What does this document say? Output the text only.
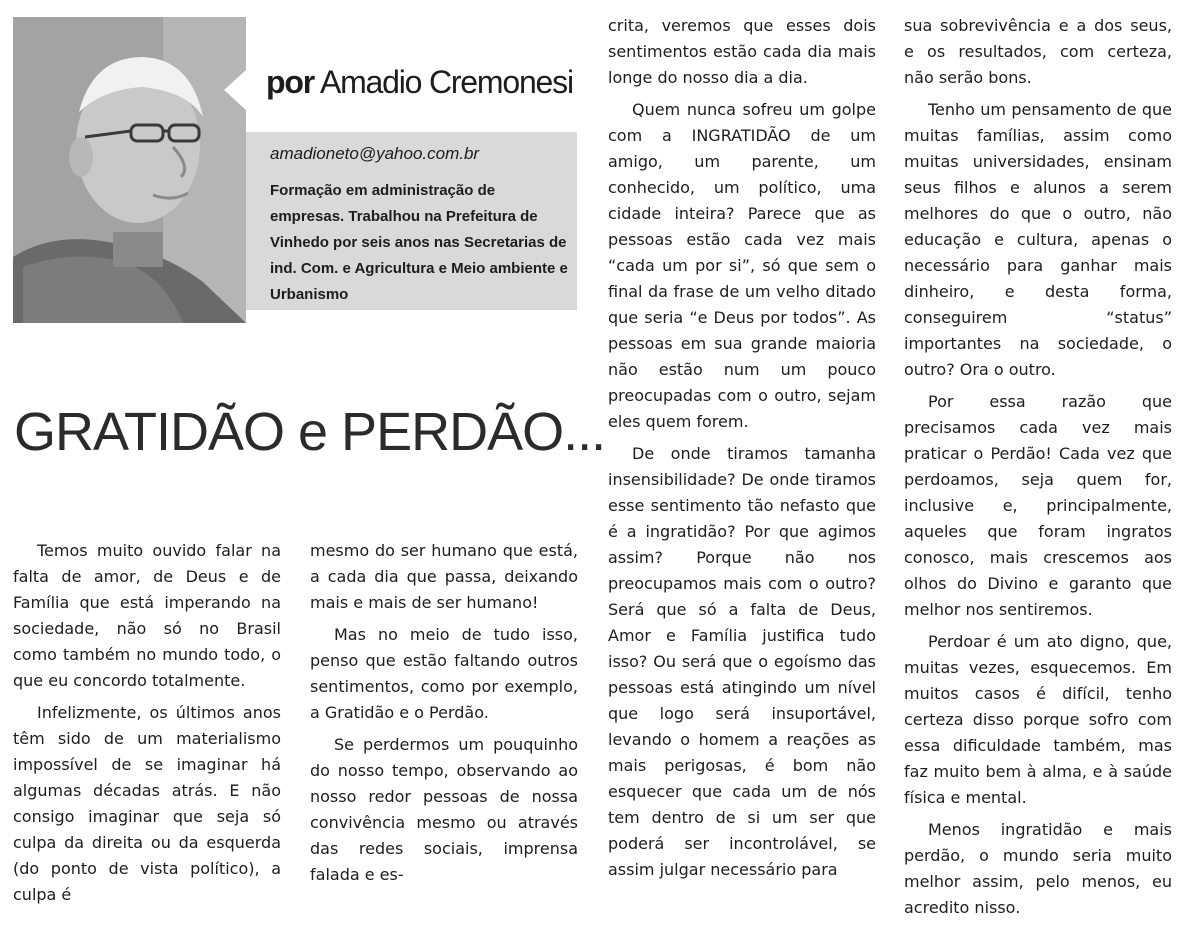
por Amadio Cremonesi
amadioneto@yahoo.com.br

Formação em administração de empresas. Trabalhou na Prefeitura de Vinhedo por seis anos nas Secretarias de ind. Com. e Agricultura e Meio ambiente e Urbanismo

GRATIDÃO e PERDÃO...

Temos muito ouvido falar na falta de amor, de Deus e de Família que está imperando na sociedade, não só no Brasil como também no mundo todo, o que eu concordo totalmente.

Infelizmente, os últimos anos têm sido de um materialismo impossível de se imaginar há algumas décadas atrás. E não consigo imaginar que seja só culpa da direita ou da esquerda (do ponto de vista político), a culpa é

mesmo do ser humano que está, a cada dia que passa, deixando mais e mais de ser humano!

Mas no meio de tudo isso, penso que estão faltando outros sentimentos, como por exemplo, a Gratidão e o Perdão.

Se perdermos um pouquinho do nosso tempo, observando ao nosso redor pessoas de nossa convivência mesmo ou através das redes sociais, imprensa falada e es-

crita, veremos que esses dois sentimentos estão cada dia mais longe do nosso dia a dia.

Quem nunca sofreu um golpe com a INGRATIDÃO de um amigo, um parente, um conhecido, um político, uma cidade inteira? Parece que as pessoas estão cada vez mais “cada um por si”, só que sem o final da frase de um velho ditado que seria “e Deus por todos”. As pessoas em sua grande maioria não estão num um pouco preocupadas com o outro, sejam eles quem forem.

De onde tiramos tamanha insensibilidade? De onde tiramos esse sentimento tão nefasto que é a ingratidão? Por que agimos assim? Porque não nos preocupamos mais com o outro? Será que só a falta de Deus, Amor e Família justifica tudo isso? Ou será que o egoísmo das pessoas está atingindo um nível que logo será insuportável, levando o homem a reações as mais perigosas, é bom não esquecer que cada um de nós tem dentro de si um ser que poderá ser incontrolável, se assim julgar necessário para

sua sobrevivência e a dos seus, e os resultados, com certeza, não serão bons.

Tenho um pensamento de que muitas famílias, assim como muitas universidades, ensinam seus filhos e alunos a serem melhores do que o outro, não educação e cultura, apenas o necessário para ganhar mais dinheiro, e desta forma, conseguirem “status” importantes na sociedade, o outro? Ora o outro.

Por essa razão que precisamos cada vez mais praticar o Perdão! Cada vez que perdoamos, seja quem for, inclusive e, principalmente, aqueles que foram ingratos conosco, mais crescemos aos olhos do Divino e garanto que melhor nos sentiremos.

Perdoar é um ato digno, que, muitas vezes, esquecemos. Em muitos casos é difícil, tenho certeza disso porque sofro com essa dificuldade também, mas faz muito bem à alma, e à saúde física e mental.

Menos ingratidão e mais perdão, o mundo seria muito melhor assim, pelo menos, eu acredito nisso.
